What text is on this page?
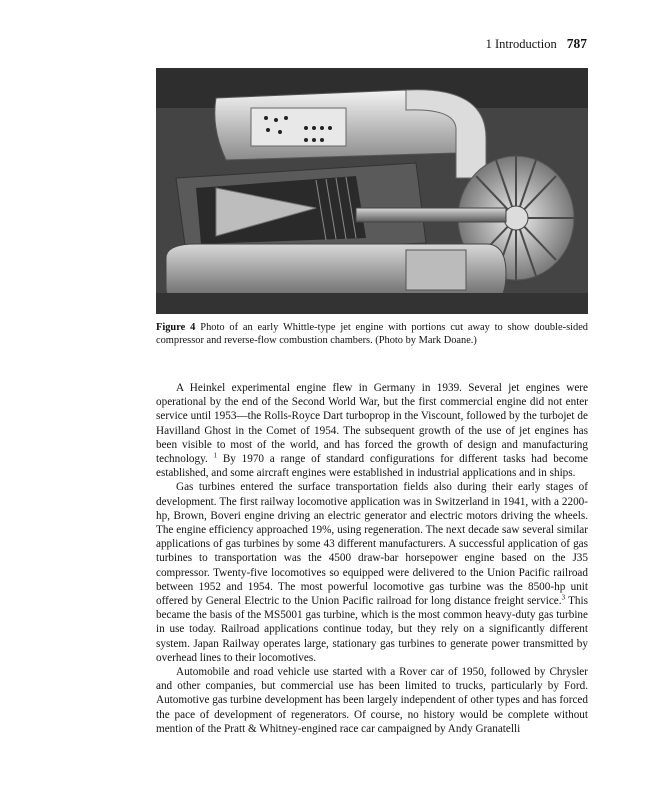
1 Introduction 787
Figure 4 Photo of an early Whittle-type jet engine with portions cut away to show double-sided compressor and reverse-flow combustion chambers. (Photo by Mark Doane.)

A Heinkel experimental engine flew in Germany in 1939. Several jet engines were operational by the end of the Second World War, but the first commercial engine did not enter service until 1953—the Rolls-Royce Dart turboprop in the Viscount, followed by the turbojet de Havilland Ghost in the Comet of 1954. The subsequent growth of the use of jet engines has been visible to most of the world, and has forced the growth of design and manufacturing technology. $^1$ By 1970 a range of standard configurations for different tasks had become established, and some aircraft engines were established in industrial applications and in ships.

Gas turbines entered the surface transportation fields also during their early stages of development. The first railway locomotive application was in Switzerland in 1941, with a 2200-hp, Brown, Boveri engine driving an electric generator and electric motors driving the wheels. The engine efficiency approached 19%, using regeneration. The next decade saw several similar applications of gas turbines by some 43 different manufacturers. A successful application of gas turbines to transportation was the 4500 draw-bar horsepower engine based on the J35 compressor. Twenty-five locomotives so equipped were delivered to the Union Pacific railroad between 1952 and 1954. The most powerful locomotive gas turbine was the 8500-hp unit offered by General Electric to the Union Pacific railroad for long distance freight service.$^3$ This became the basis of the MS5001 gas turbine, which is the most common heavy-duty gas turbine in use today. Railroad applications continue today, but they rely on a significantly different system. Japan Railway operates large, stationary gas turbines to generate power transmitted by overhead lines to their locomotives.

Automobile and road vehicle use started with a Rover car of 1950, followed by Chrysler and other companies, but commercial use has been limited to trucks, particularly by Ford. Automotive gas turbine development has been largely independent of other types and has forced the pace of development of regenerators. Of course, no history would be complete without mention of the Pratt & Whitney-engined race car campaigned by Andy Granatelli
